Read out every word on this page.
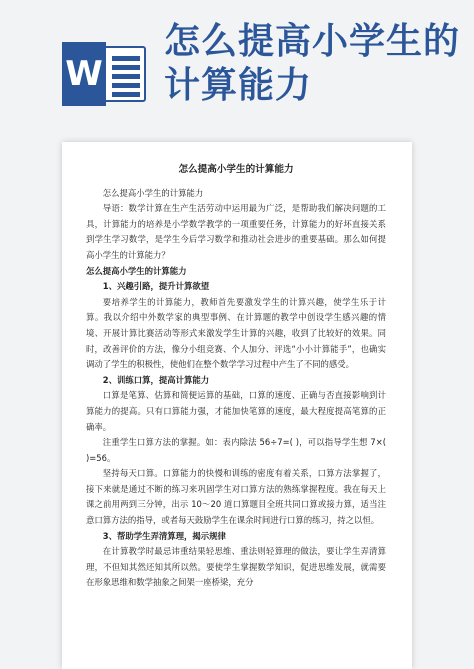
W
怎么提高小学生的计算能力
怎么提高小学生的计算能力
怎么提高小学生的计算能力
导语：数学计算在生产生活劳动中运用最为广泛，是帮助我们解决问题的工具，计算能力的培养是小学数学教学的一项重要任务，计算能力的好坏直接关系到学生学习数学，是学生今后学习数学和推动社会进步的重要基础。那么如何提高小学生的计算能力？
怎么提高小学生的计算能力
1、兴趣引路，提升计算欲望
要培养学生的计算能力，教师首先要激发学生的计算兴趣，使学生乐于计算。我以介绍中外数学家的典型事例、在计算题的教学中创设学生感兴趣的情境、开展计算比赛活动等形式来激发学生计算的兴趣，收到了比较好的效果。同时，改善评价的方法，像分小组竞赛、个人加分、评选“小小计算能手”，也确实调动了学生的积极性，使他们在整个数学学习过程中产生了不同的感受。
2、训练口算，提高计算能力
口算是笔算、估算和简便运算的基础，口算的速度、正确与否直接影响到计算能力的提高。只有口算能力强，才能加快笔算的速度，最大程度提高笔算的正确率。
注重学生口算方法的掌握。如：表内除法 56÷7=( )，可以指导学生想 7×( )=56。
坚持每天口算。口算能力的快慢和训练的密度有着关系，口算方法掌握了，接下来就是通过不断的练习来巩固学生对口算方法的熟练掌握程度。我在每天上课之前用两到三分钟，出示 10～20 道口算题目全班共同口算或接力算，适当注意口算方法的指导，或者每天鼓励学生在课余时间进行口算的练习，持之以恒。
3、帮助学生弄清算理，揭示规律
在计算教学时最忌讳重结果轻思维、重法则轻算理的做法，要让学生弄清算理，不但知其然还知其所以然。要使学生掌握数学知识，促进思维发展，就需要在形象思维和数学抽象之间架一座桥梁，充分
